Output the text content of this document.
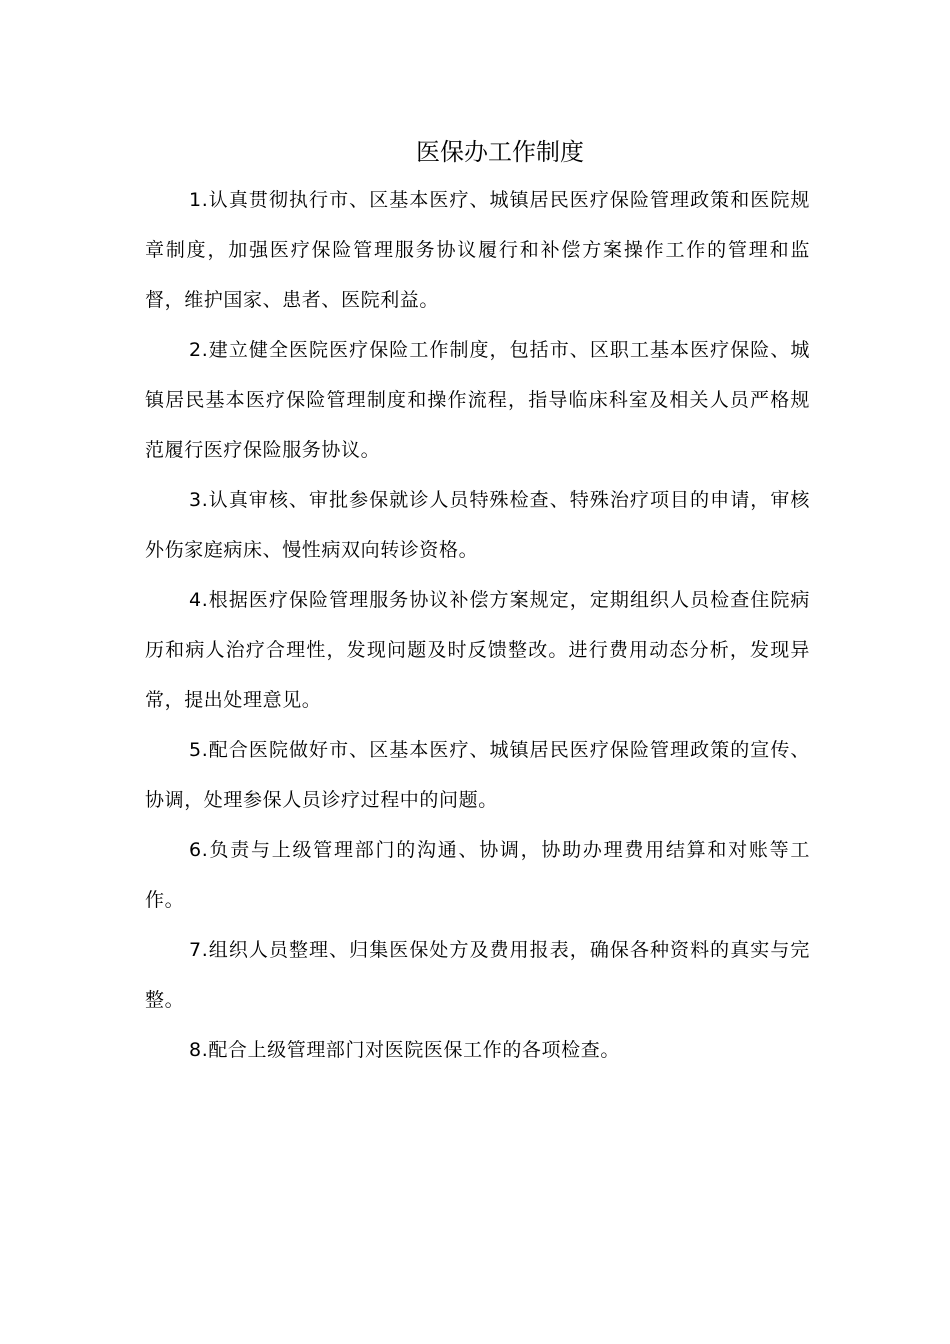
医保办工作制度

1.认真贯彻执行市、区基本医疗、城镇居民医疗保险管理政策和医院规章制度，加强医疗保险管理服务协议履行和补偿方案操作工作的管理和监督，维护国家、患者、医院利益。

2.建立健全医院医疗保险工作制度，包括市、区职工基本医疗保险、城镇居民基本医疗保险管理制度和操作流程，指导临床科室及相关人员严格规范履行医疗保险服务协议。

3.认真审核、审批参保就诊人员特殊检查、特殊治疗项目的申请，审核外伤家庭病床、慢性病双向转诊资格。

4.根据医疗保险管理服务协议补偿方案规定，定期组织人员检查住院病历和病人治疗合理性，发现问题及时反馈整改。进行费用动态分析，发现异常，提出处理意见。

5.配合医院做好市、区基本医疗、城镇居民医疗保险管理政策的宣传、协调，处理参保人员诊疗过程中的问题。

6.负责与上级管理部门的沟通、协调，协助办理费用结算和对账等工作。

7.组织人员整理、归集医保处方及费用报表，确保各种资料的真实与完整。

8.配合上级管理部门对医院医保工作的各项检查。
